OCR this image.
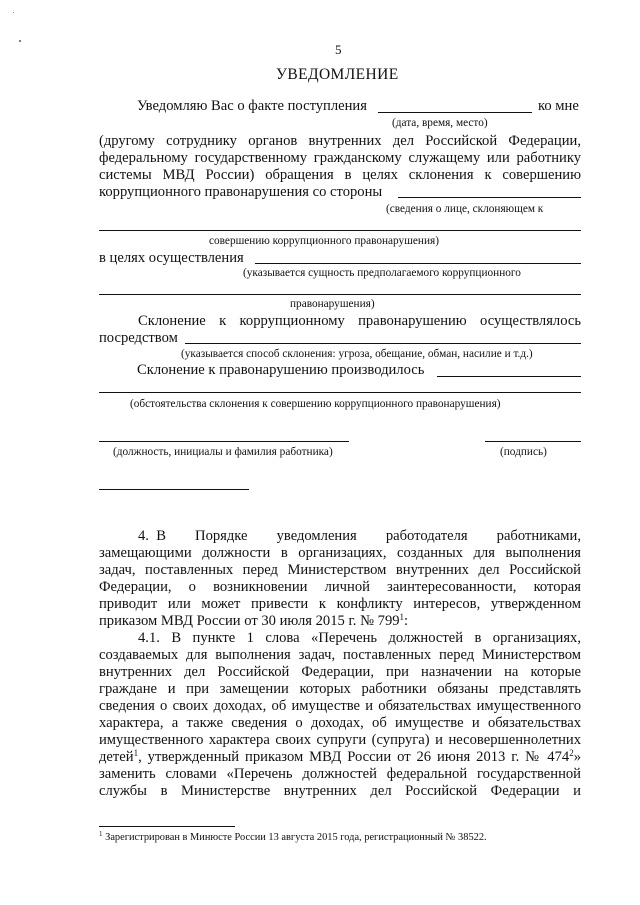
5
УВЕДОМЛЕНИЕ
Уведомляю Вас о факте поступления	ко мне
(дата, время, место)
(другому сотруднику органов внутренних дел Российской Федерации,
федеральному государственному гражданскому служащему или работнику
системы МВД России) обращения в целях склонения к совершению
коррупционного правонарушения со стороны
(сведения о лице, склоняющем к
совершению коррупционного правонарушения)
в целях осуществления
(указывается сущность предполагаемого коррупционного
правонарушения)
Склонение к коррупционному правонарушению осуществлялось
посредством
(указывается способ склонения: угроза, обещание, обман, насилие и т.д.)
Склонение к правонарушению производилось
(обстоятельства склонения к совершению коррупционного правонарушения)
(должность, инициалы и фамилия работника)	(подпись)
4. В    Порядке    уведомления    работодателя    работниками,
замещающими должности в организациях, созданных для выполнения
задач, поставленных перед Министерством внутренних дел Российской
Федерации, о возникновении личной заинтересованности, которая
приводит или может привести к конфликту интересов, утвержденном
приказом МВД России от 30 июля 2015 г. № $799^1$:
4.1. В пункте 1 слова «Перечень должностей в организациях,
создаваемых для выполнения задач, поставленных перед Министерством
внутренних дел Российской Федерации, при назначении на которые
граждане и при замещении которых работники обязаны представлять
сведения о своих доходах, об имуществе и обязательствах имущественного
характера, а также сведения о доходах, об имуществе и обязательствах
имущественного характера своих супруги (супруга) и несовершеннолетних
детей$^1$, утвержденный приказом МВД России от 26 июня 2013 г. № $474^2$»
заменить словами «Перечень должностей федеральной государственной
службы в Министерстве внутренних дел Российской Федерации и
$^1$ Зарегистрирован в Минюсте России 13 августа 2015 года, регистрационный № 38522.
